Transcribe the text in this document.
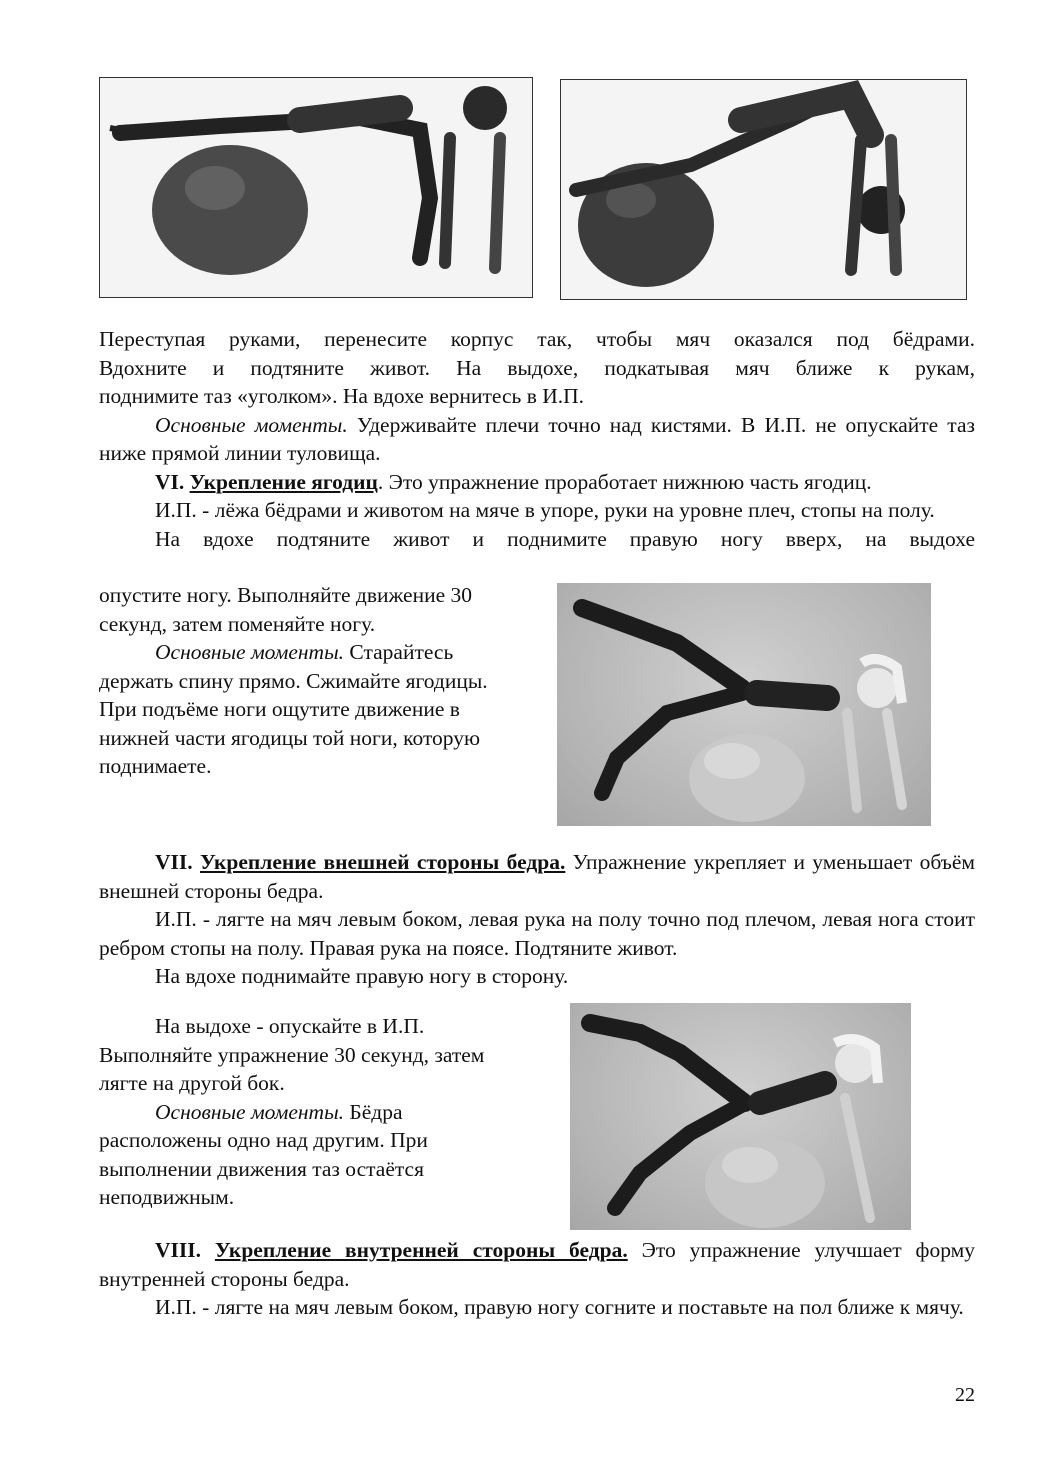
Переступая руками, перенесите корпус так, чтобы мяч оказался под бёдрами.

Вдохните и подтяните живот. На выдохе, подкатывая мяч ближе к рукам,

поднимите таз «уголком». На вдохе вернитесь в И.П.

Основные моменты. Удерживайте плечи точно над кистями. В И.П. не опускайте таз ниже прямой линии туловища.

VI. Укрепление ягодиц. Это упражнение проработает нижнюю часть ягодиц.

И.П. - лёжа бёдрами и животом на мяче в упоре, руки на уровне плеч, стопы на полу.

На вдохе подтяните живот и поднимите правую ногу вверх, на выдохе

опустите ногу. Выполняйте движение 30

секунд, затем поменяйте ногу.

Основные моменты. Старайтесь

держать спину прямо. Сжимайте ягодицы.

При подъёме ноги ощутите движение в

нижней части ягодицы той ноги, которую

поднимаете.

VII. Укрепление внешней стороны бедра. Упражнение укрепляет и уменьшает объём внешней стороны бедра.

И.П. - лягте на мяч левым боком, левая рука на полу точно под плечом, левая нога стоит ребром стопы на полу. Правая рука на поясе. Подтяните живот.

На вдохе поднимайте правую ногу в сторону.

На выдохе - опускайте в И.П.

Выполняйте упражнение 30 секунд, затем

лягте на другой бок.

Основные моменты. Бёдра

расположены одно над другим. При

выполнении движения таз остаётся

неподвижным.

VIII. Укрепление внутренней стороны бедра. Это упражнение улучшает форму внутренней стороны бедра.

И.П. - лягте на мяч левым боком, правую ногу согните и поставьте на пол ближе к мячу.

22
